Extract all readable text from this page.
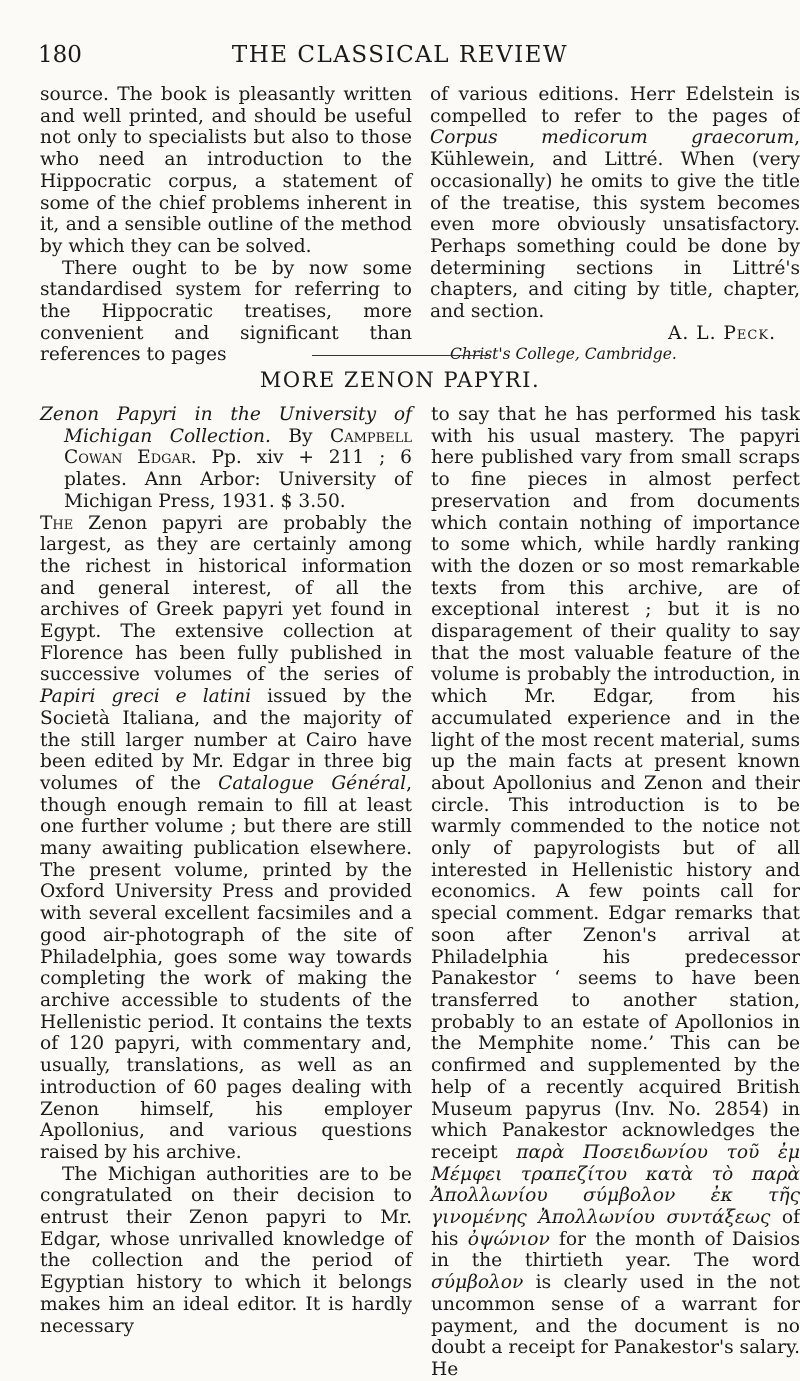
180	THE CLASSICAL REVIEW

source. The book is pleasantly written and well printed, and should be useful not only to specialists but also to those who need an introduction to the Hippocratic corpus, a statement of some of the chief problems inherent in it, and a sensible outline of the method by which they can be solved.

There ought to be by now some standardised system for referring to the Hippocratic treatises, more convenient and significant than references to pages

of various editions. Herr Edelstein is compelled to refer to the pages of Corpus medicorum graecorum, Kühlewein, and Littré. When (very occasionally) he omits to give the title of the treatise, this system becomes even more obviously unsatisfactory. Perhaps something could be done by determining sections in Littré's chapters, and citing by title, chapter, and section.

A. L. Peck.
Christ's College, Cambridge.
MORE ZENON PAPYRI.

Zenon Papyri in the University of Michigan Collection. By Campbell Cowan Edgar. Pp. xiv + 211 ; 6 plates. Ann Arbor: University of Michigan Press, 1931. $ 3.50.

The Zenon papyri are probably the largest, as they are certainly among the richest in historical information and general interest, of all the archives of Greek papyri yet found in Egypt. The extensive collection at Florence has been fully published in successive volumes of the series of Papiri greci e latini issued by the Società Italiana, and the majority of the still larger number at Cairo have been edited by Mr. Edgar in three big volumes of the Catalogue Général, though enough remain to fill at least one further volume ; but there are still many awaiting publication elsewhere. The present volume, printed by the Oxford University Press and provided with several excellent facsimiles and a good air-photograph of the site of Philadelphia, goes some way towards completing the work of making the archive accessible to students of the Hellenistic period. It contains the texts of 120 papyri, with commentary and, usually, translations, as well as an introduction of 60 pages dealing with Zenon himself, his employer Apollonius, and various questions raised by his archive.

The Michigan authorities are to be congratulated on their decision to entrust their Zenon papyri to Mr. Edgar, whose unrivalled knowledge of the collection and the period of Egyptian history to which it belongs makes him an ideal editor. It is hardly necessary

to say that he has performed his task with his usual mastery. The papyri here published vary from small scraps to fine pieces in almost perfect preservation and from documents which contain nothing of importance to some which, while hardly ranking with the dozen or so most remarkable texts from this archive, are of exceptional interest ; but it is no disparagement of their quality to say that the most valuable feature of the volume is probably the introduction, in which Mr. Edgar, from his accumulated experience and in the light of the most recent material, sums up the main facts at present known about Apollonius and Zenon and their circle. This introduction is to be warmly commended to the notice not only of papyrologists but of all interested in Hellenistic history and economics. A few points call for special comment. Edgar remarks that soon after Zenon's arrival at Philadelphia his predecessor Panakestor ‘ seems to have been transferred to another station, probably to an estate of Apollonios in the Memphite nome.’ This can be confirmed and supplemented by the help of a recently acquired British Museum papyrus (Inv. No. 2854) in which Panakestor acknowledges the receipt παρὰ Ποσειδωνίου τοῦ ἐμ Μέμφει τραπεζίτου κατὰ τὸ παρὰ Ἀπολλωνίου σύμβολον ἐκ τῆς γινομένης Ἀπολλωνίου συντάξεως of his ὀψώνιον for the month of Daisios in the thirtieth year. The word σύμβολον is clearly used in the not uncommon sense of a warrant for payment, and the document is no doubt a receipt for Panakestor's salary. He
